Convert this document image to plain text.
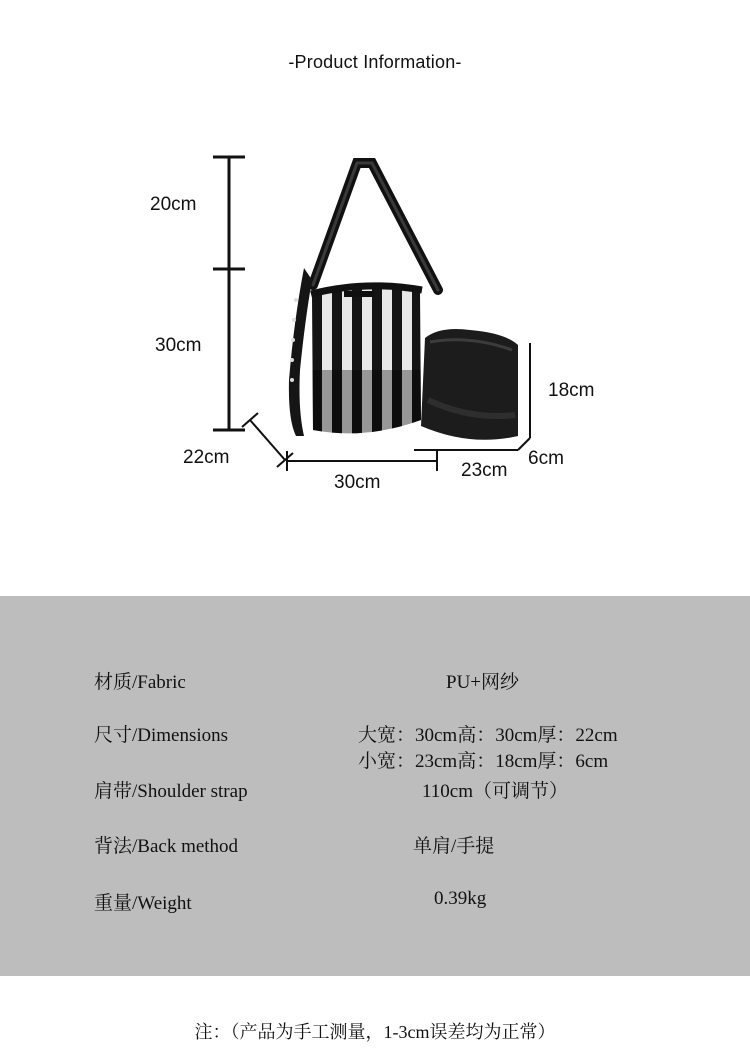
-Product Information-
20cm
30cm
22cm
30cm
18cm
23cm
6cm
材质/Fabric	PU+网纱
尺寸/Dimensions	大宽：30cm高：30cm厚：22cm
小宽：23cm高：18cm厚：6cm
肩带/Shoulder strap	110cm（可调节）
背法/Back method	单肩/手提
重量/Weight	0.39kg
注：（产品为手工测量，1-3cm误差均为正常）
